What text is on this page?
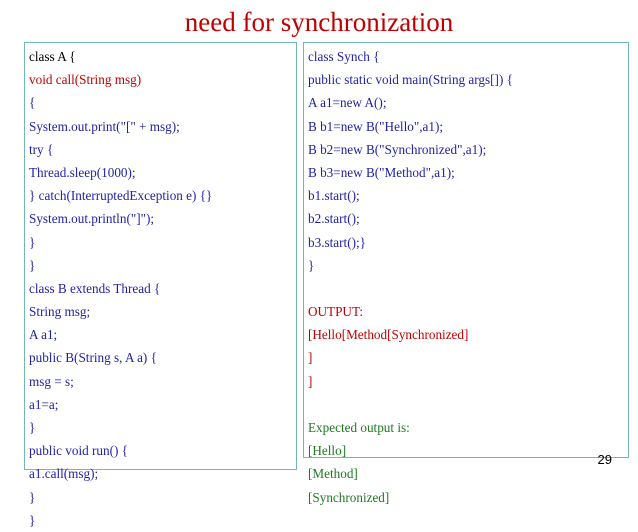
need for synchronization
class A {
void call(String msg)
{
System.out.print("[" + msg);
try {
Thread.sleep(1000);
} catch(InterruptedException e) {}
System.out.println("]");
}
}
class B extends Thread {
String msg;
A a1;
public B(String s, A a) {
msg = s;
a1=a;
}
public void run() {
a1.call(msg);
}
}
class Synch {
public static void main(String args[]) {
A a1=new A();
B b1=new B("Hello",a1);
B b2=new B("Synchronized",a1);
B b3=new B("Method",a1);
b1.start();
b2.start();
b3.start();}
}
OUTPUT:
[Hello[Method[Synchronized]
]
]
Expected output is:
[Hello]
[Method]
[Synchronized]
29
